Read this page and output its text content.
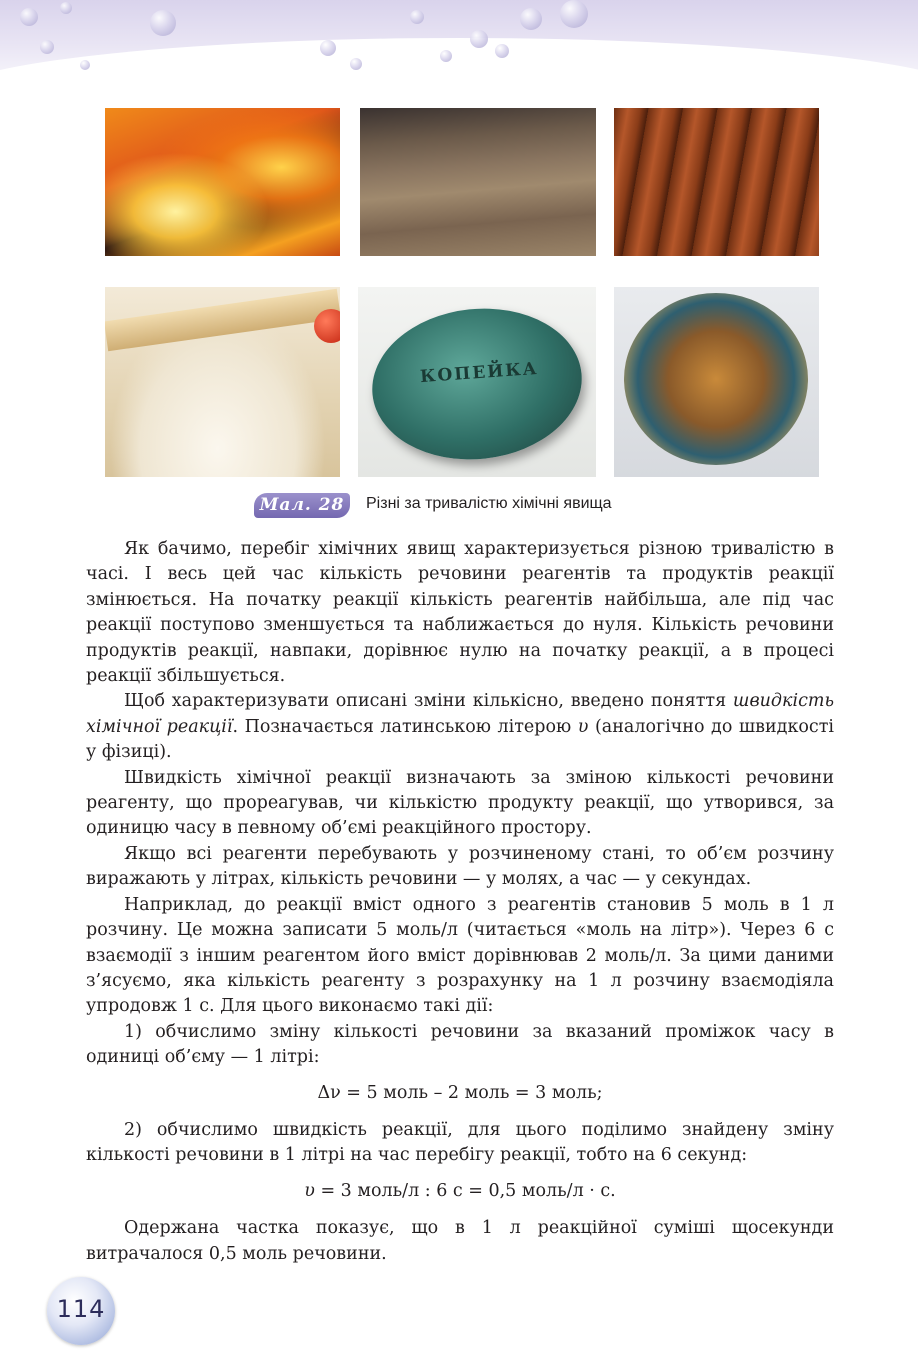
КОПЕЙКА
Мал. 28	Різні за тривалістю хімічні явища

Як бачимо, перебіг хімічних явищ характеризується різною тривалістю в часі. І весь цей час кількість речовини реагентів та продуктів реакції змінюється. На початку реакції кількість реагентів найбільша, але під час реакції поступово зменшується та наближається до нуля. Кількість речовини продуктів реакції, навпаки, дорівнює нулю на початку реакції, а в процесі реакції збільшується.

Щоб характеризувати описані зміни кількісно, введено поняття швидкість хімічної реакції. Позначається латинською літерою υ (аналогічно до швидкості у фізиці).

Швидкість хімічної реакції визначають за зміною кількості речовини реагенту, що прореагував, чи кількістю продукту реакції, що утворився, за одиницю часу в певному об’ємі реакційного простору.

Якщо всі реагенти перебувають у розчиненому стані, то об’єм розчину виражають у літрах, кількість речовини — у молях, а час — у секундах.

Наприклад, до реакції вміст одного з реагентів становив 5 моль в 1 л розчину. Це можна записати 5 моль/л (читається «моль на літр»). Через 6 с взаємодії з іншим реагентом його вміст дорівнював 2 моль/л. За цими даними з’ясуємо, яка кількість реагенту з розрахунку на 1 л розчину взаємодіяла упродовж 1 с. Для цього виконаємо такі дії:

1) обчислимо зміну кількості речовини за вказаний проміжок часу в одиниці об’єму — 1 літрі:

Δν = 5 моль – 2 моль = 3 моль;

2) обчислимо швидкість реакції, для цього поділимо знайдену зміну кількості речовини в 1 літрі на час перебігу реакції, тобто на 6 секунд:

υ = 3 моль/л : 6 с = 0,5 моль/л · с.

Одержана частка показує, що в 1 л реакційної суміші щосекунди витрачалося 0,5 моль речовини.

114
